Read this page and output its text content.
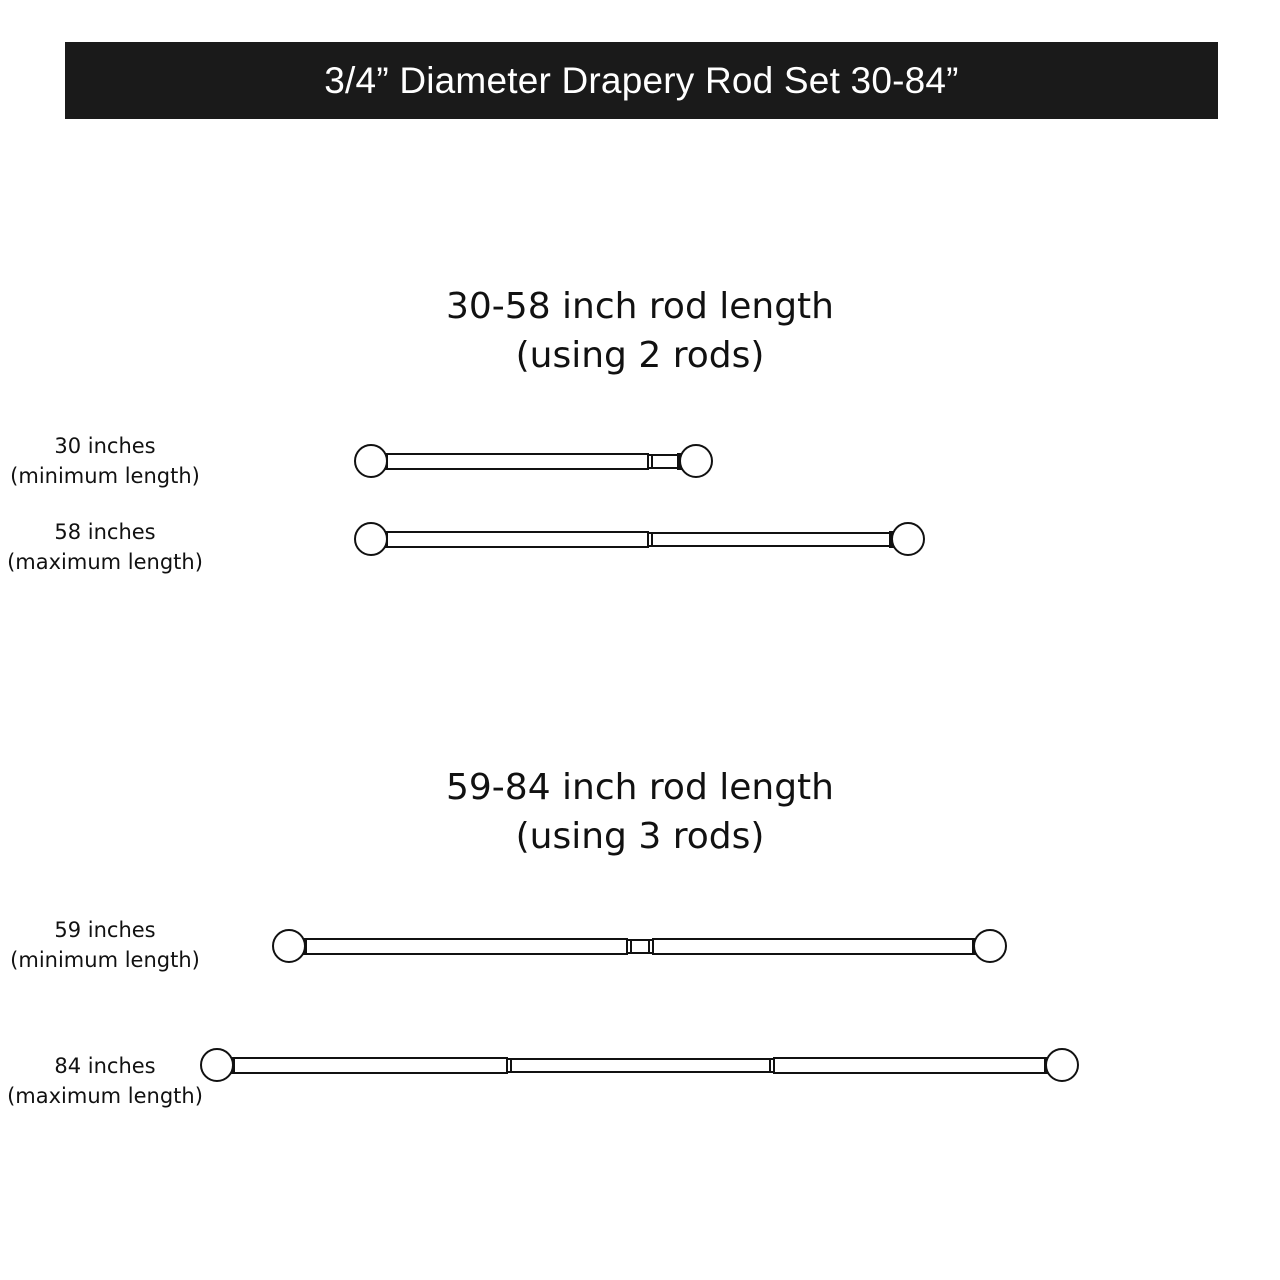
3/4” Diameter Drapery Rod Set 30-84”
30-58 inch rod length
(using 2 rods)
30 inches
(minimum length)
58 inches
(maximum length)
59-84 inch rod length
(using 3 rods)
59 inches
(minimum length)
84 inches
(maximum length)
